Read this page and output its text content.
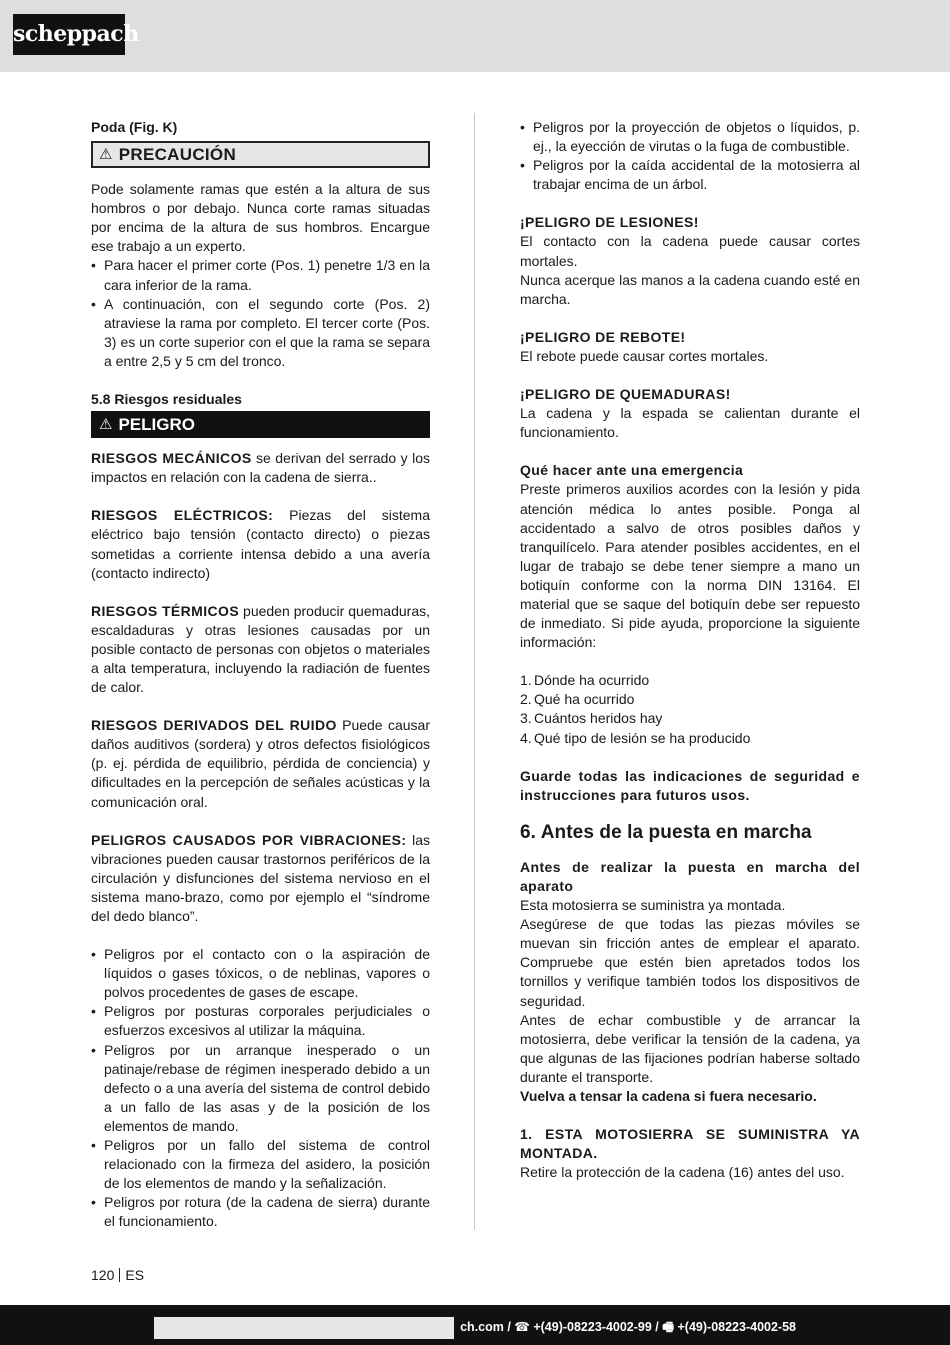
scheppach

Poda (Fig. K)

⚠ PRECAUCIÓN

Pode solamente ramas que estén a la altura de sus hombros o por debajo. Nunca corte ramas situadas por encima de la altura de sus hombros. Encargue ese trabajo a un experto.

• Para hacer el primer corte (Pos. 1) penetre 1/3 en la cara inferior de la rama.
• A continuación, con el segundo corte (Pos. 2) atraviese la rama por completo. El tercer corte (Pos. 3) es un corte superior con el que la rama se separa a entre 2,5 y 5 cm del tronco.

5.8 Riesgos residuales

⚠ PELIGRO

RIESGOS MECÁNICOS se derivan del serrado y los impactos en relación con la cadena de sierra..

RIESGOS ELÉCTRICOS: Piezas del sistema eléctrico bajo tensión (contacto directo) o piezas sometidas a corriente intensa debido a una avería (contacto indirecto)

RIESGOS TÉRMICOS pueden producir quemaduras, escaldaduras y otras lesiones causadas por un posible contacto de personas con objetos o materiales a alta temperatura, incluyendo la radiación de fuentes de calor.

RIESGOS DERIVADOS DEL RUIDO Puede causar daños auditivos (sordera) y otros defectos fisiológicos (p. ej. pérdida de equilibrio, pérdida de conciencia) y dificultades en la percepción de señales acústicas y la comunicación oral.

PELIGROS CAUSADOS POR VIBRACIONES: las vibraciones pueden causar trastornos periféricos de la circulación y disfunciones del sistema nervioso en el sistema mano-brazo, como por ejemplo el “síndrome del dedo blanco”.

• Peligros por el contacto con o la aspiración de líquidos o gases tóxicos, o de neblinas, vapores o polvos procedentes de gases de escape.
• Peligros por posturas corporales perjudiciales o esfuerzos excesivos al utilizar la máquina.
• Peligros por un arranque inesperado o un patinaje/rebase de régimen inesperado debido a un defecto o a una avería del sistema de control debido a un fallo de las asas y de la posición de los elementos de mando.
• Peligros por un fallo del sistema de control relacionado con la firmeza del asidero, la posición de los elementos de mando y la señalización.
• Peligros por rotura (de la cadena de sierra) durante el funcionamiento.
• Peligros por la proyección de objetos o líquidos, p. ej., la eyección de virutas o la fuga de combustible.
• Peligros por la caída accidental de la motosierra al trabajar encima de un árbol.

¡PELIGRO DE LESIONES!

El contacto con la cadena puede causar cortes mortales.

Nunca acerque las manos a la cadena cuando esté en marcha.

¡PELIGRO DE REBOTE!

El rebote puede causar cortes mortales.

¡PELIGRO DE QUEMADURAS!

La cadena y la espada se calientan durante el funcionamiento.

Qué hacer ante una emergencia

Preste primeros auxilios acordes con la lesión y pida atención médica lo antes posible. Ponga al accidentado a salvo de otros posibles daños y tranquilícelo. Para atender posibles accidentes, en el lugar de trabajo se debe tener siempre a mano un botiquín conforme con la norma DIN 13164. El material que se saque del botiquín debe ser repuesto de inmediato. Si pide ayuda, proporcione la siguiente información:

1. Dónde ha ocurrido
2. Qué ha ocurrido
3. Cuántos heridos hay
4. Qué tipo de lesión se ha producido

Guarde todas las indicaciones de seguridad e instrucciones para futuros usos.

6. Antes de la puesta en marcha

Antes de realizar la puesta en marcha del aparato

Esta motosierra se suministra ya montada.

Asegúrese de que todas las piezas móviles se muevan sin fricción antes de emplear el aparato. Compruebe que estén bien apretados todos los tornillos y verifique también todos los dispositivos de seguridad.

Antes de echar combustible y de arrancar la motosierra, debe verificar la tensión de la cadena, ya que algunas de las fijaciones podrían haberse soltado durante el transporte.

Vuelva a tensar la cadena si fuera necesario.

1. ESTA MOTOSIERRA SE SUMINISTRA YA MONTADA.

Retire la protección de la cadena (16) antes del uso.

120 ES
ch.com / ☎ +(49)-08223-4002-99 / 🖷 +(49)-08223-4002-58
